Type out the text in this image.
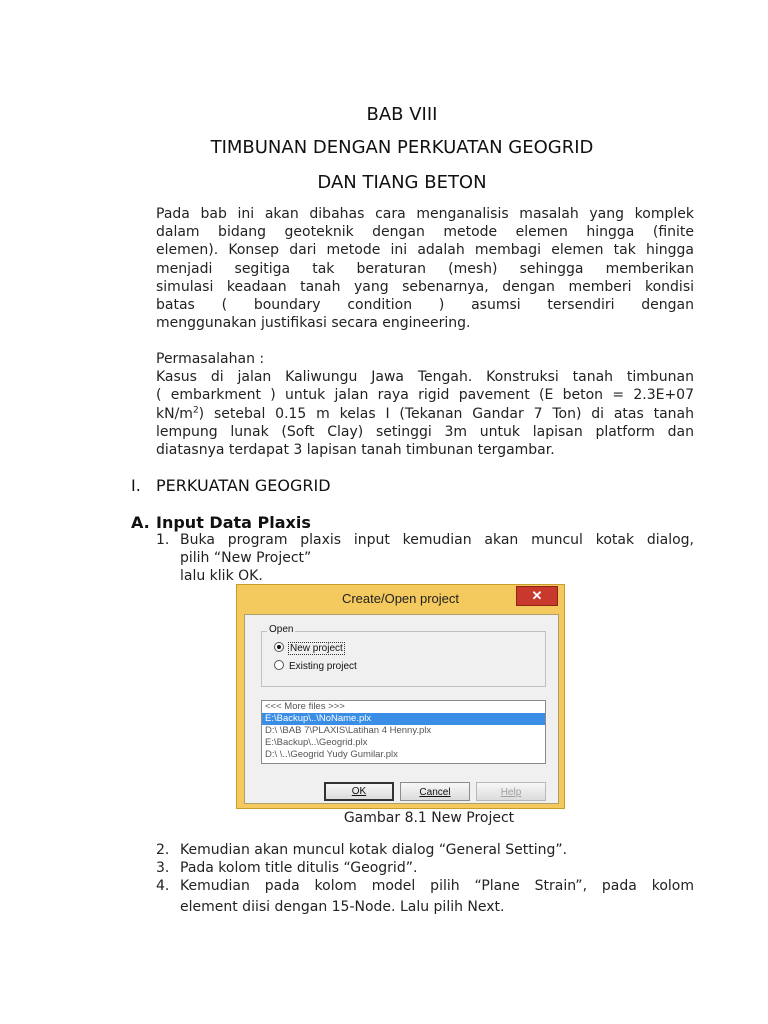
BAB VIII
TIMBUNAN DENGAN PERKUATAN GEOGRID
DAN TIANG BETON

Pada bab ini akan dibahas cara menganalisis masalah yang komplek

dalam bidang geoteknik dengan metode elemen hingga (finite

elemen). Konsep dari metode ini adalah membagi elemen tak hingga

menjadi segitiga tak beraturan (mesh) sehingga memberikan

simulasi keadaan tanah yang sebenarnya, dengan memberi kondisi

batas ( boundary condition ) asumsi tersendiri dengan

menggunakan justifikasi secara engineering.

Permasalahan :

Kasus di jalan Kaliwungu Jawa Tengah. Konstruksi tanah timbunan

( embarkment ) untuk jalan raya rigid pavement (E beton = 2.3E+07

$kN/m^2$) setebal 0.15 m kelas I (Tekanan Gandar 7 Ton) di atas tanah

lempung lunak (Soft Clay) setinggi 3m untuk lapisan platform dan

diatasnya terdapat 3 lapisan tanah timbunan tergambar.

I. PERKUATAN GEOGRID
A. Input Data Plaxis
1. Buka program plaxis input kemudian akan muncul kotak dialog,
pilih “New Project”
lalu klik OK.
Create/Open project	✕
Open
New project
Existing project
<<< More files >>>
E:\Backup\..\NoName.plx
D:\ \BAB 7\PLAXIS\Latihan 4 Henny.plx
E:\Backup\..\Geogrid.plx
D:\ \..\Geogrid Yudy Gumilar.plx
OK	Cancel	Help
Gambar 8.1 New Project
2. Kemudian akan muncul kotak dialog “General Setting”.
3. Pada kolom title ditulis “Geogrid”.
4. Kemudian pada kolom model pilih “Plane Strain”, pada kolom
element diisi dengan 15-Node. Lalu pilih Next.
